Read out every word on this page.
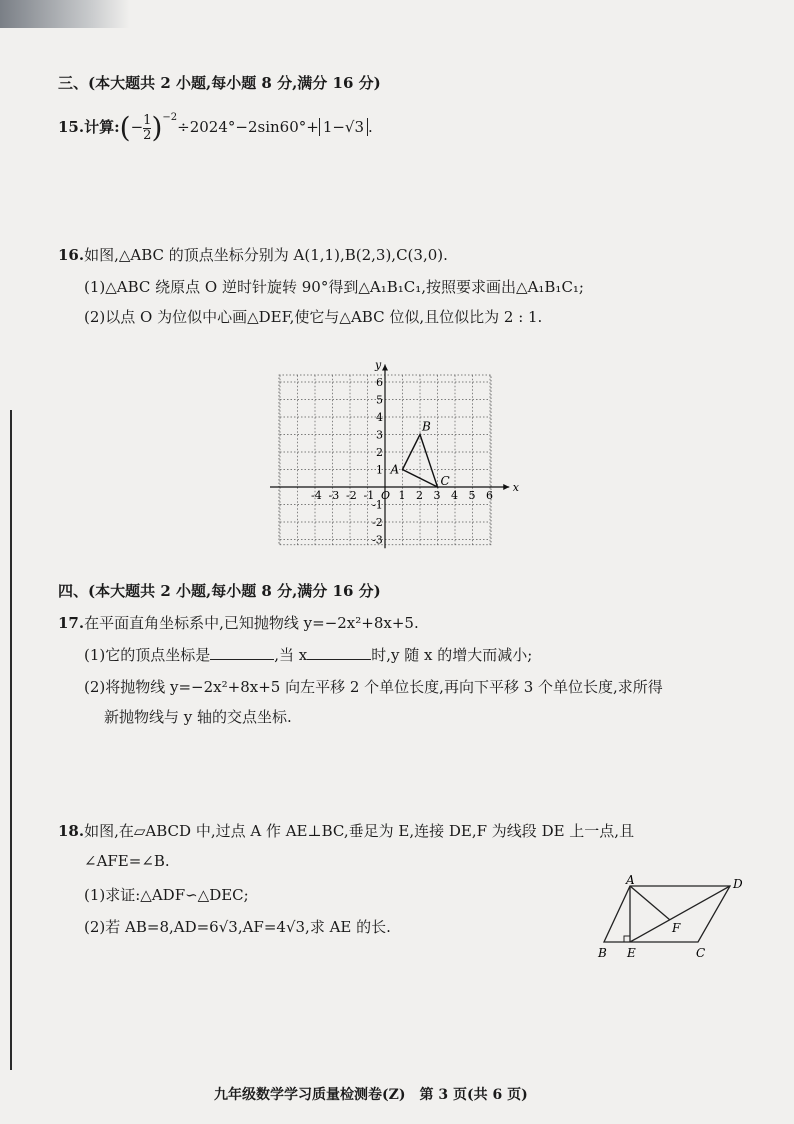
三、(本大题共 2 小题,每小题 8 分,满分 16 分)
15.计算:(− $\frac{1}{2} )^{-2}\div 2024^\circ-2\sin 60^\circ+ 1-√3$ .
16.如图,△ABC 的顶点坐标分别为 A(1,1),B(2,3),C(3,0).
(1)△ABC 绕原点 O 逆时针旋转 90°得到△A₁B₁C₁,按照要求画出△A₁B₁C₁;
(2)以点 O 为位似中心画△DEF,使它与△ABC 位似,且位似比为 2 : 1.
x
y
-4 -3 -2 -1 O 1 2 3 4 5 6
6
5
4
3
2
1
-1
-2
-3
A
B
C
四、(本大题共 2 小题,每小题 8 分,满分 16 分)
17.在平面直角坐标系中,已知抛物线 y=−2x²+8x+5.
(1)它的顶点坐标是	,当 x	时,y 随 x 的增大而减小;
(2)将抛物线 y=−2x²+8x+5 向左平移 2 个单位长度,再向下平移 3 个单位长度,求所得
新抛物线与 y 轴的交点坐标.
18.如图,在▱ABCD 中,过点 A 作 AE⊥BC,垂足为 E,连接 DE,F 为线段 DE 上一点,且
∠AFE=∠B.
(1)求证:△ADF∽△DEC;
(2)若 AB=8,AD=6√3,AF=4√3,求 AE 的长.
A	D
F
B E	C
九年级数学学习质量检测卷(Z)　第 3 页(共 6 页)
